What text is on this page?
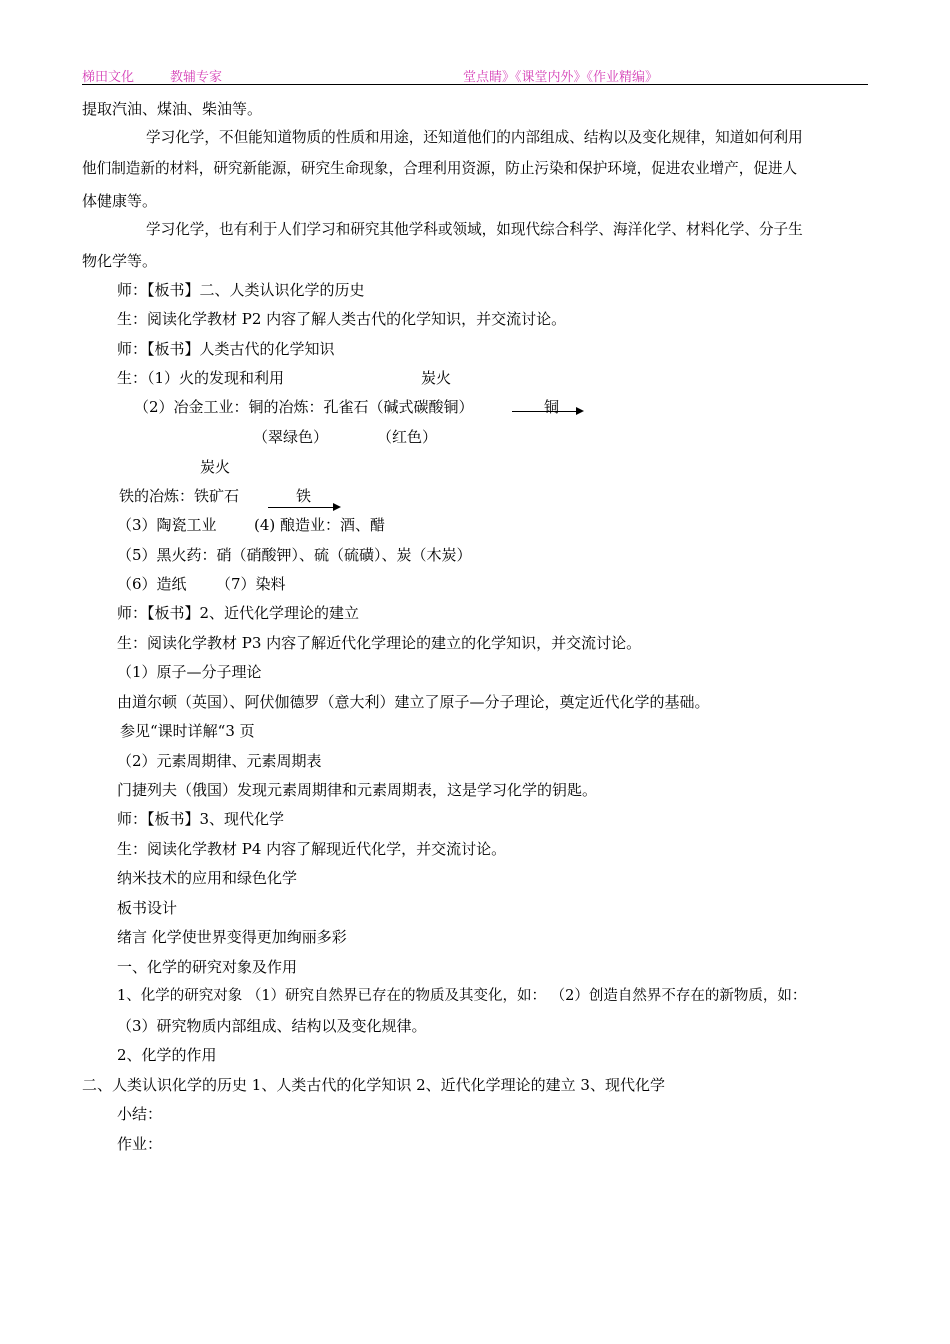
梯田文化	教辅专家	堂点睛》《课堂内外》《作业精编》
提取汽油、煤油、柴油等。
学习化学，不但能知道物质的性质和用途，还知道他们的内部组成、结构以及变化规律，知道如何利用
他们制造新的材料，研究新能源，研究生命现象，合理利用资源，防止污染和保护环境，促进农业增产，促进人
体健康等。
学习化学，也有利于人们学习和研究其他学科或领域，如现代综合科学、海洋化学、材料化学、分子生
物化学等。
师：【板书】二、人类认识化学的历史
生：阅读化学教材 P2 内容了解人类古代的化学知识，并交流讨论。
师：【板书】人类古代的化学知识
生：（1）火的发现和利用	炭火
（2）冶金工业：铜的冶炼：孔雀石（碱式碳酸铜）	铜
（翠绿色）	（红色）
炭火
铁的冶炼：铁矿石	铁
（3）陶瓷工业 (4) 酿造业：酒、醋
（5）黑火药：硝（硝酸钾）、硫（硫磺）、炭（木炭）
（6）造纸 （7）染料
师：【板书】2、近代化学理论的建立
生：阅读化学教材 P3 内容了解近代化学理论的建立的化学知识，并交流讨论。
（1）原子—分子理论
由道尔顿（英国）、阿伏伽德罗（意大利）建立了原子—分子理论，奠定近代化学的基础。
参见“课时详解“3 页
（2）元素周期律、元素周期表
门捷列夫（俄国）发现元素周期律和元素周期表，这是学习化学的钥匙。
师：【板书】3、现代化学
生：阅读化学教材 P4 内容了解现近代化学，并交流讨论。
纳米技术的应用和绿色化学
板书设计
绪言 化学使世界变得更加绚丽多彩
一、化学的研究对象及作用
1、化学的研究对象 （1）研究自然界已存在的物质及其变化，如： （2）创造自然界不存在的新物质，如：
（3）研究物质内部组成、结构以及变化规律。
2、化学的作用
二、人类认识化学的历史 1、人类古代的化学知识 2、近代化学理论的建立 3、现代化学
小结：
作业：
